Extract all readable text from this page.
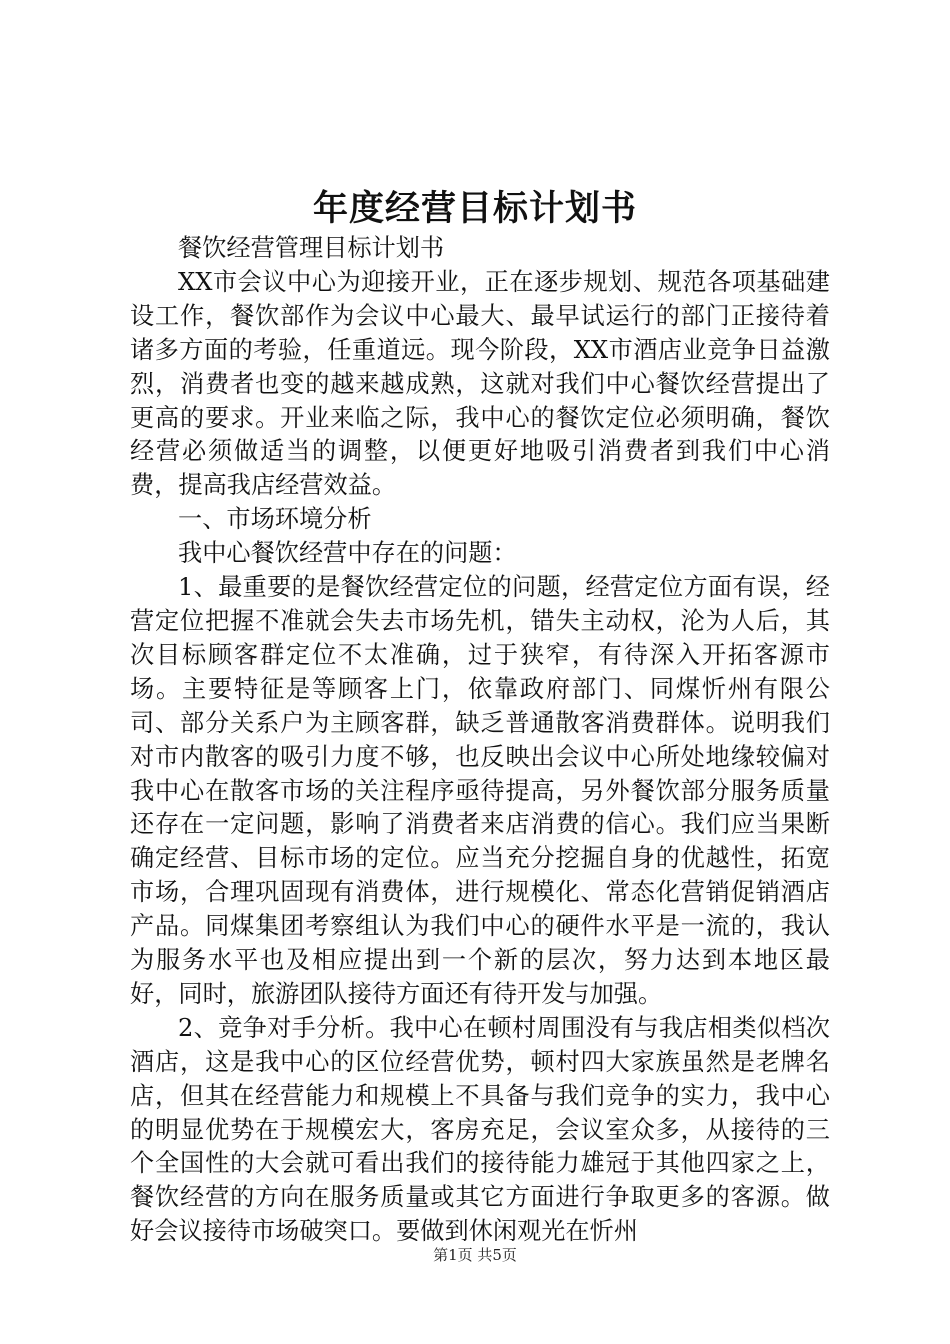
年度经营目标计划书

餐饮经营管理目标计划书

XX市会议中心为迎接开业，正在逐步规划、规范各项基础建设工作，餐饮部作为会议中心最大、最早试运行的部门正接待着诸多方面的考验，任重道远。现今阶段，XX市酒店业竞争日益激烈，消费者也变的越来越成熟，这就对我们中心餐饮经营提出了更高的要求。开业来临之际，我中心的餐饮定位必须明确，餐饮经营必须做适当的调整，以便更好地吸引消费者到我们中心消费，提高我店经营效益。

一、市场环境分析

我中心餐饮经营中存在的问题：

1、最重要的是餐饮经营定位的问题，经营定位方面有误，经营定位把握不准就会失去市场先机，错失主动权，沦为人后，其次目标顾客群定位不太准确，过于狭窄，有待深入开拓客源市场。主要特征是等顾客上门，依靠政府部门、同煤忻州有限公司、部分关系户为主顾客群，缺乏普通散客消费群体。说明我们对市内散客的吸引力度不够，也反映出会议中心所处地缘较偏对我中心在散客市场的关注程序亟待提高，另外餐饮部分服务质量还存在一定问题，影响了消费者来店消费的信心。我们应当果断确定经营、目标市场的定位。应当充分挖掘自身的优越性，拓宽市场，合理巩固现有消费体，进行规模化、常态化营销促销酒店产品。同煤集团考察组认为我们中心的硬件水平是一流的，我认为服务水平也及相应提出到一个新的层次，努力达到本地区最好，同时，旅游团队接待方面还有待开发与加强。

2、竞争对手分析。我中心在顿村周围没有与我店相类似档次酒店，这是我中心的区位经营优势，顿村四大家族虽然是老牌名店，但其在经营能力和规模上不具备与我们竞争的实力，我中心的明显优势在于规模宏大，客房充足，会议室众多，从接待的三个全国性的大会就可看出我们的接待能力雄冠于其他四家之上，餐饮经营的方向在服务质量或其它方面进行争取更多的客源。做好会议接待市场破突口。要做到休闲观光在忻州

第1页 共5页
